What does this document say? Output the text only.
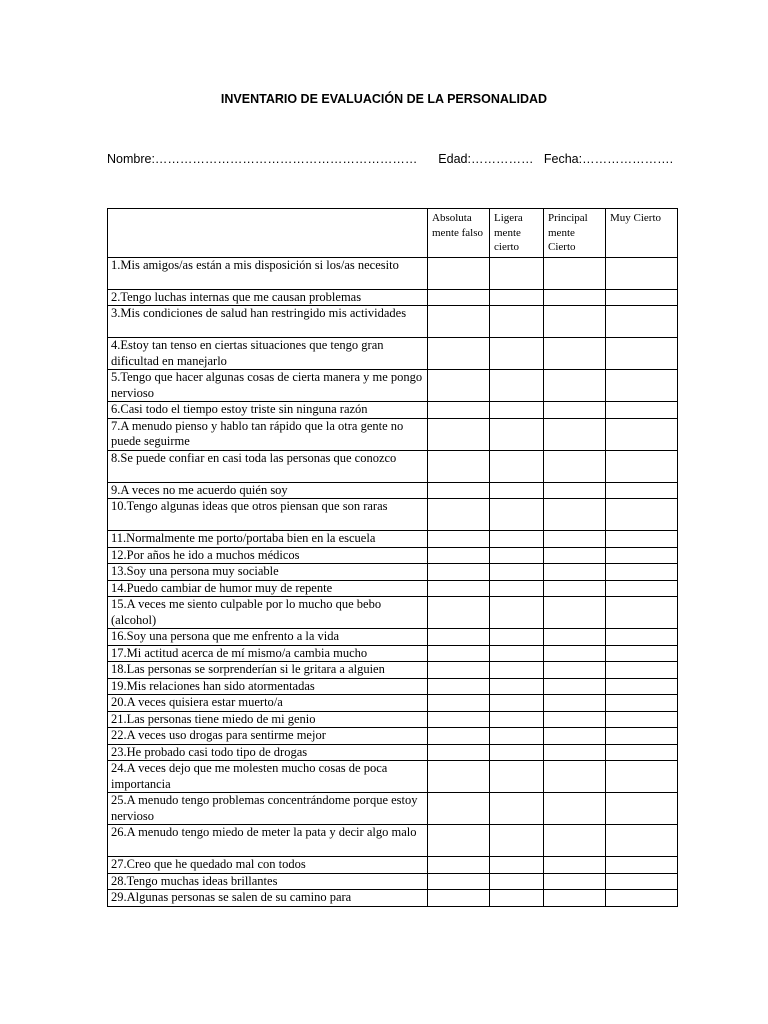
INVENTARIO DE EVALUACIÓN DE LA PERSONALIDAD
Nombre:……………………………………………………… Edad:…………… Fecha:………………….
	Absoluta mente falso	Ligera mente cierto	Principal mente Cierto	Muy Cierto
1.Mis amigos/as están a mis disposición si los/as necesito				
2.Tengo luchas internas que me causan problemas				
3.Mis condiciones de salud han restringido mis actividades				
4.Estoy tan tenso en ciertas situaciones que tengo gran dificultad en manejarlo				
5.Tengo que hacer algunas cosas de cierta manera y me pongo nervioso				
6.Casi todo el tiempo estoy triste sin ninguna razón				
7.A menudo pienso y hablo tan rápido que la otra gente no puede seguirme				
8.Se puede confiar en casi toda las personas que conozco				
9.A veces no me acuerdo quién soy				
10.Tengo algunas ideas que otros piensan que son raras				
11.Normalmente me porto/portaba bien en la escuela				
12.Por años he ido a muchos médicos				
13.Soy una persona muy sociable				
14.Puedo cambiar de humor muy de repente				
15.A veces me siento culpable por lo mucho que bebo (alcohol)				
16.Soy una persona que me enfrento a la vida				
17.Mi actitud acerca de mí mismo/a cambia mucho				
18.Las personas se sorprenderían si le gritara a alguien				
19.Mis relaciones han sido atormentadas				
20.A veces quisiera estar muerto/a				
21.Las personas tiene miedo de mi genio				
22.A veces uso drogas para sentirme mejor				
23.He probado casi todo tipo de drogas				
24.A veces dejo que me molesten mucho cosas de poca importancia				
25.A menudo tengo problemas concentrándome porque estoy nervioso				
26.A menudo tengo miedo de meter la pata y decir algo malo				
27.Creo que he quedado mal con todos				
28.Tengo muchas ideas brillantes				
29.Algunas personas se salen de su camino para				
